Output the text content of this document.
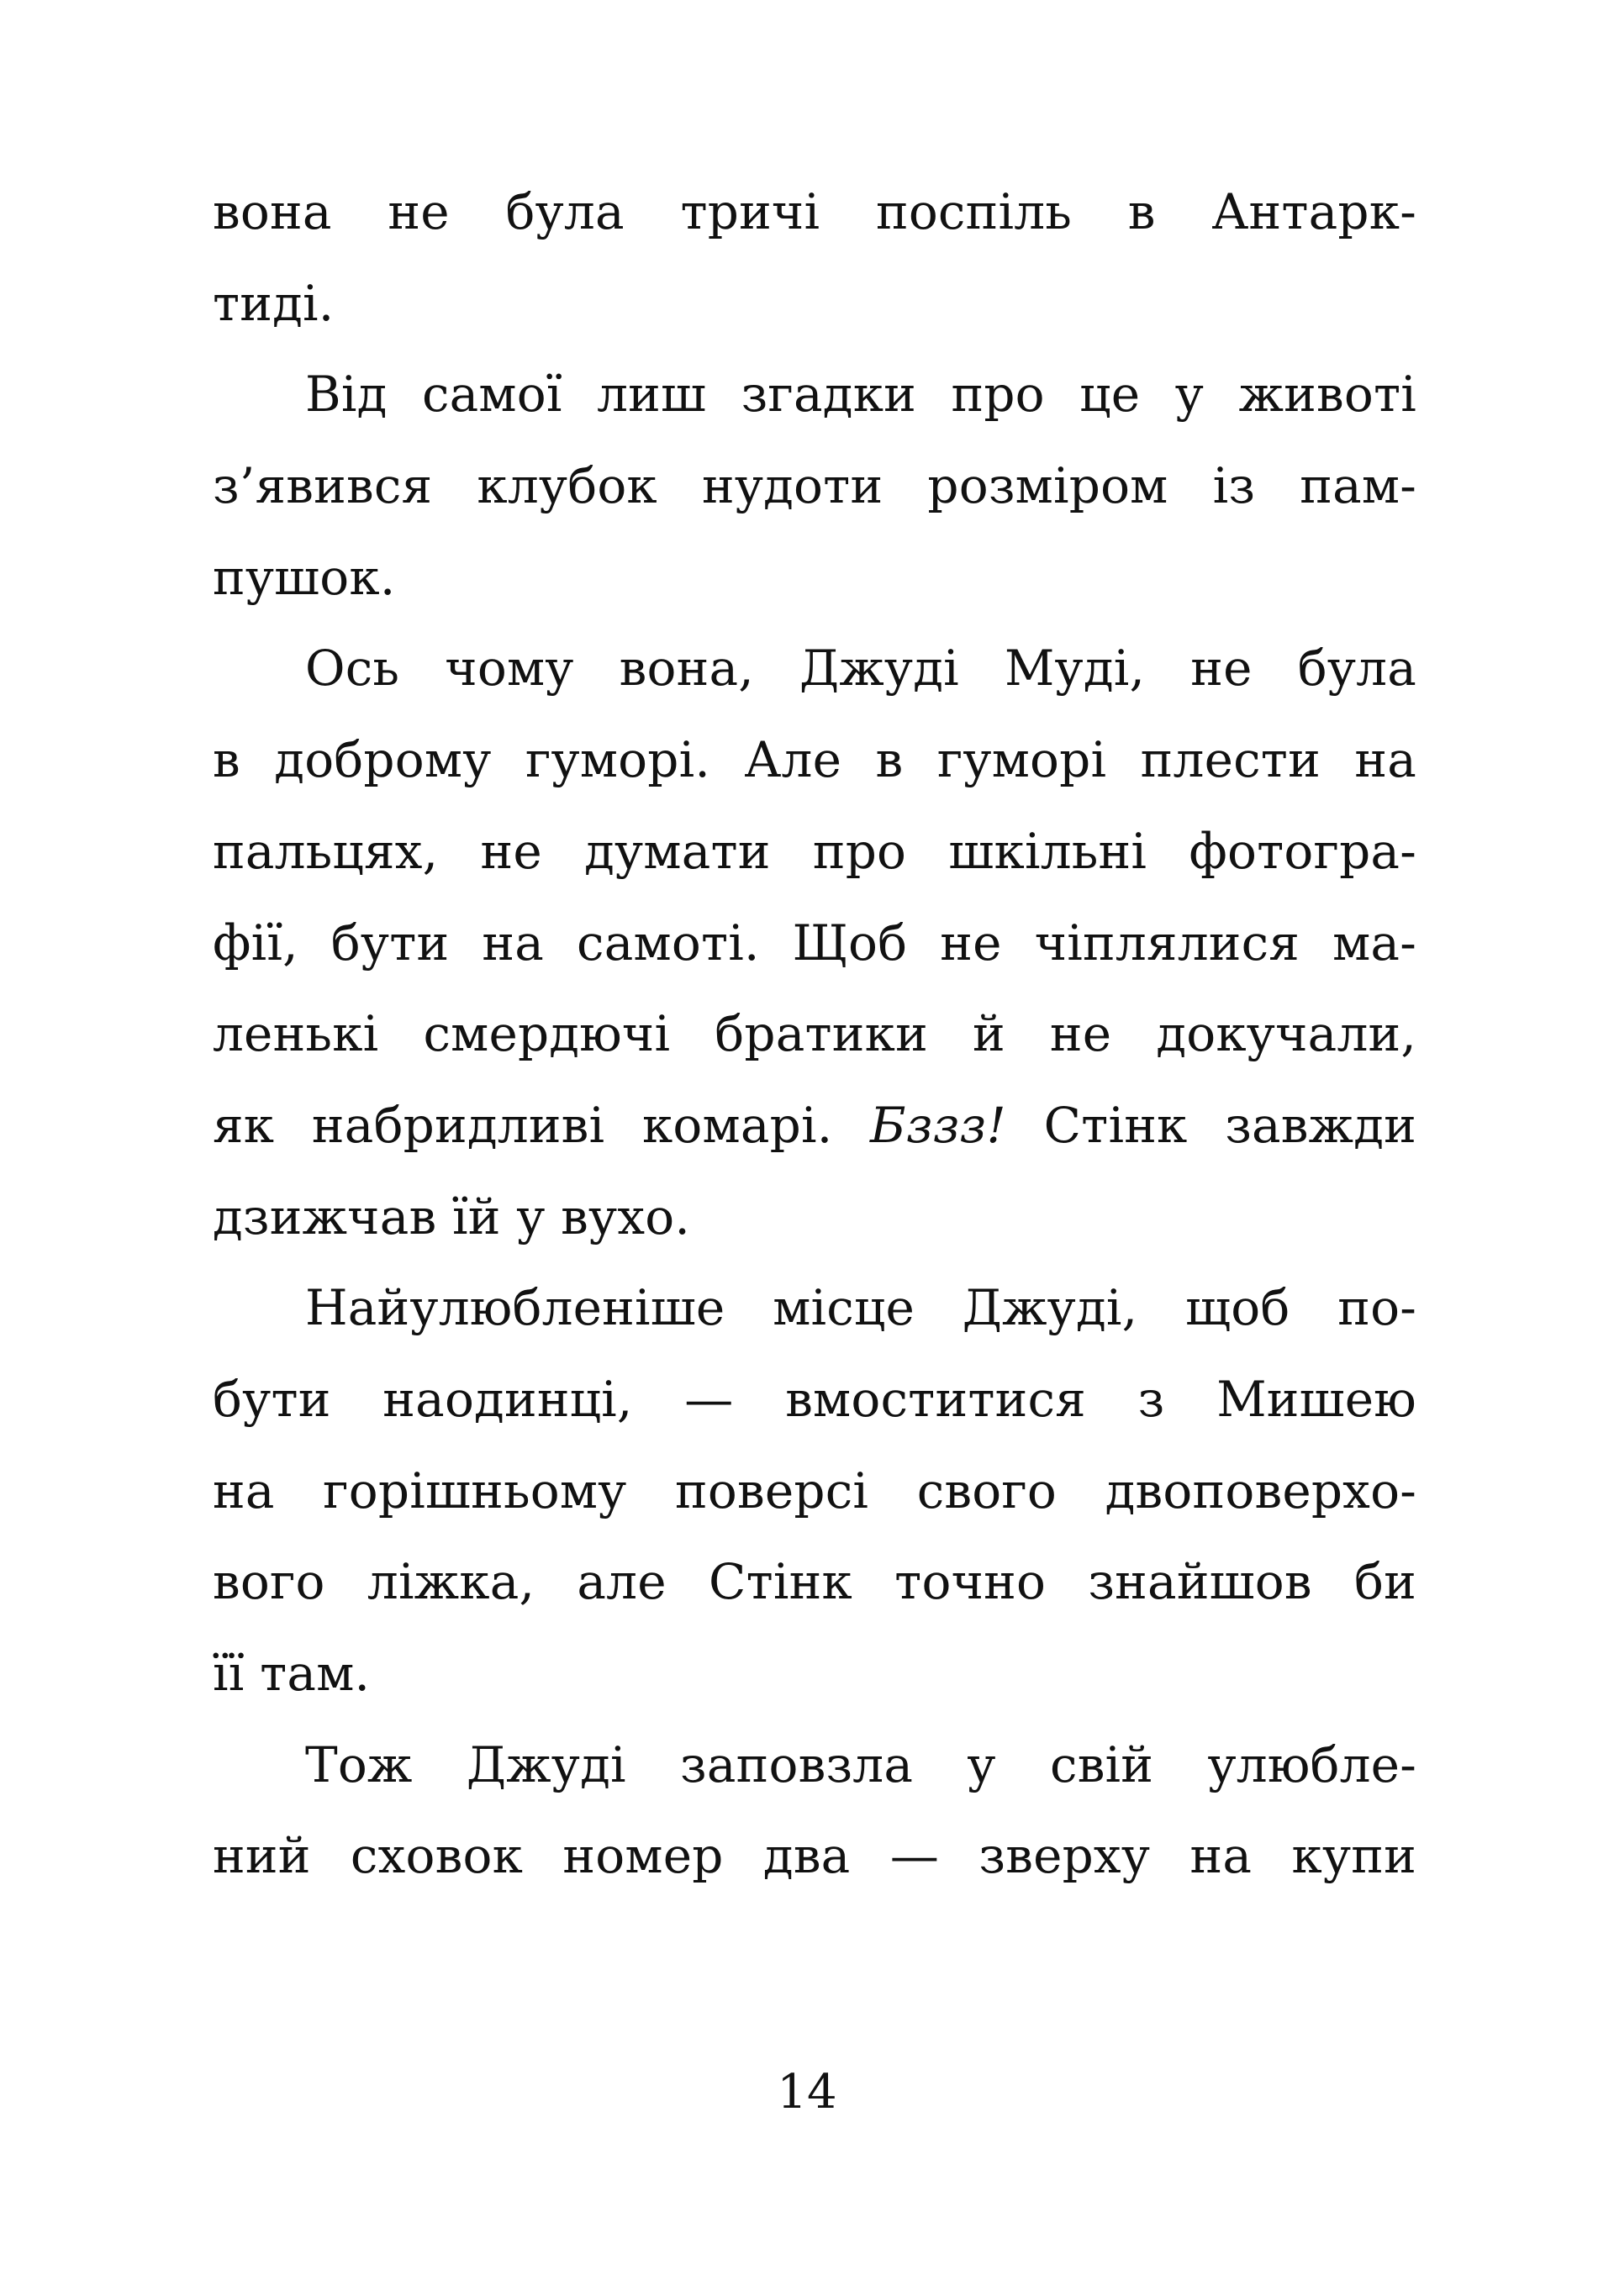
вона не була тричі поспіль в Антарк-
тиді.
Від самої лиш згадки про це у животі
з’явився клубок нудоти розміром із пам-
пушок.
Ось чому вона, Джуді Муді, не була
в доброму гуморі. Але в гуморі плести на
пальцях, не думати про шкільні фотогра-
фії, бути на самоті. Щоб не чіплялися ма-
ленькі смердючі братики й не докучали,
як набридливі комарі. Бззз! Стінк завжди
дзижчав їй у вухо.
Найулюбленіше місце Джуді, щоб по-
бути наодинці, — вмоститися з Мишею
на горішньому поверсі свого двоповерхо-
вого ліжка, але Стінк точно знайшов би
її там.
Тож Джуді заповзла у свій улюбле-
ний сховок номер два — зверху на купи
14
